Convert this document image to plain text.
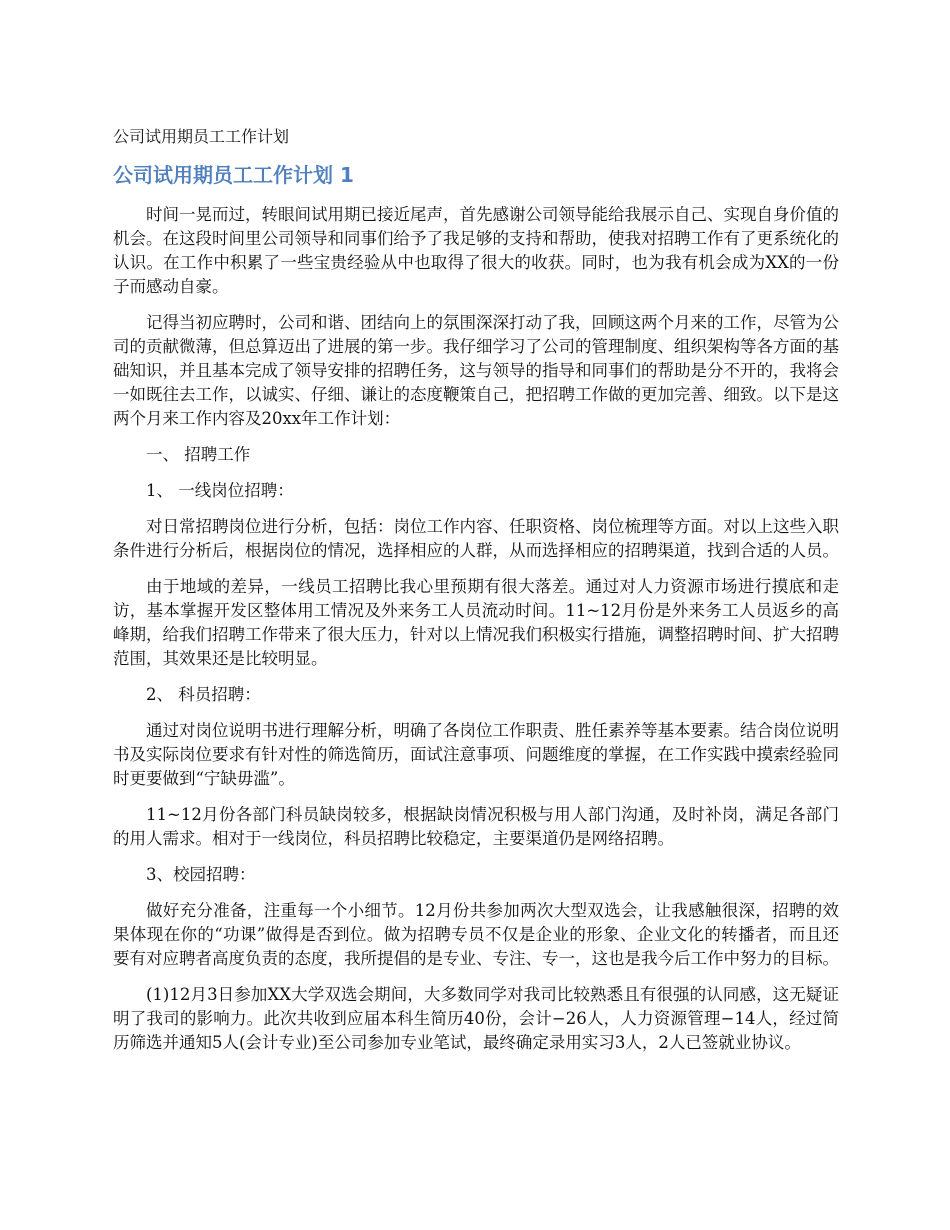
公司试用期员工工作计划

公司试用期员工工作计划 1

时间一晃而过，转眼间试用期已接近尾声，首先感谢公司领导能给我展示自己、实现自身价值的机会。在这段时间里公司领导和同事们给予了我足够的支持和帮助，使我对招聘工作有了更系统化的认识。在工作中积累了一些宝贵经验从中也取得了很大的收获。同时，也为我有机会成为XX的一份子而感动自豪。

记得当初应聘时，公司和谐、团结向上的氛围深深打动了我，回顾这两个月来的工作，尽管为公司的贡献微薄，但总算迈出了进展的第一步。我仔细学习了公司的管理制度、组织架构等各方面的基础知识，并且基本完成了领导安排的招聘任务，这与领导的指导和同事们的帮助是分不开的，我将会一如既往去工作，以诚实、仔细、谦让的态度鞭策自己，把招聘工作做的更加完善、细致。以下是这两个月来工作内容及20xx年工作计划：

一、 招聘工作

1、 一线岗位招聘：

对日常招聘岗位进行分析，包括：岗位工作内容、任职资格、岗位梳理等方面。对以上这些入职条件进行分析后，根据岗位的情况，选择相应的人群，从而选择相应的招聘渠道，找到合适的人员。

由于地域的差异，一线员工招聘比我心里预期有很大落差。通过对人力资源市场进行摸底和走访，基本掌握开发区整体用工情况及外来务工人员流动时间。11~12月份是外来务工人员返乡的高峰期，给我们招聘工作带来了很大压力，针对以上情况我们积极实行措施，调整招聘时间、扩大招聘范围，其效果还是比较明显。

2、 科员招聘：

通过对岗位说明书进行理解分析，明确了各岗位工作职责、胜任素养等基本要素。结合岗位说明书及实际岗位要求有针对性的筛选简历，面试注意事项、问题维度的掌握，在工作实践中摸索经验同时更要做到“宁缺毋滥”。

11~12月份各部门科员缺岗较多，根据缺岗情况积极与用人部门沟通，及时补岗，满足各部门的用人需求。相对于一线岗位，科员招聘比较稳定，主要渠道仍是网络招聘。

3、校园招聘：

做好充分准备，注重每一个小细节。12月份共参加两次大型双选会，让我感触很深，招聘的效果体现在你的“功课”做得是否到位。做为招聘专员不仅是企业的形象、企业文化的转播者，而且还要有对应聘者高度负责的态度，我所提倡的是专业、专注、专一，这也是我今后工作中努力的目标。

(1)12月3日参加XX大学双选会期间，大多数同学对我司比较熟悉且有很强的认同感，这无疑证明了我司的影响力。此次共收到应届本科生简历40份，会计−26人，人力资源管理−14人，经过简历筛选并通知5人(会计专业)至公司参加专业笔试，最终确定录用实习3人，2人已签就业协议。
